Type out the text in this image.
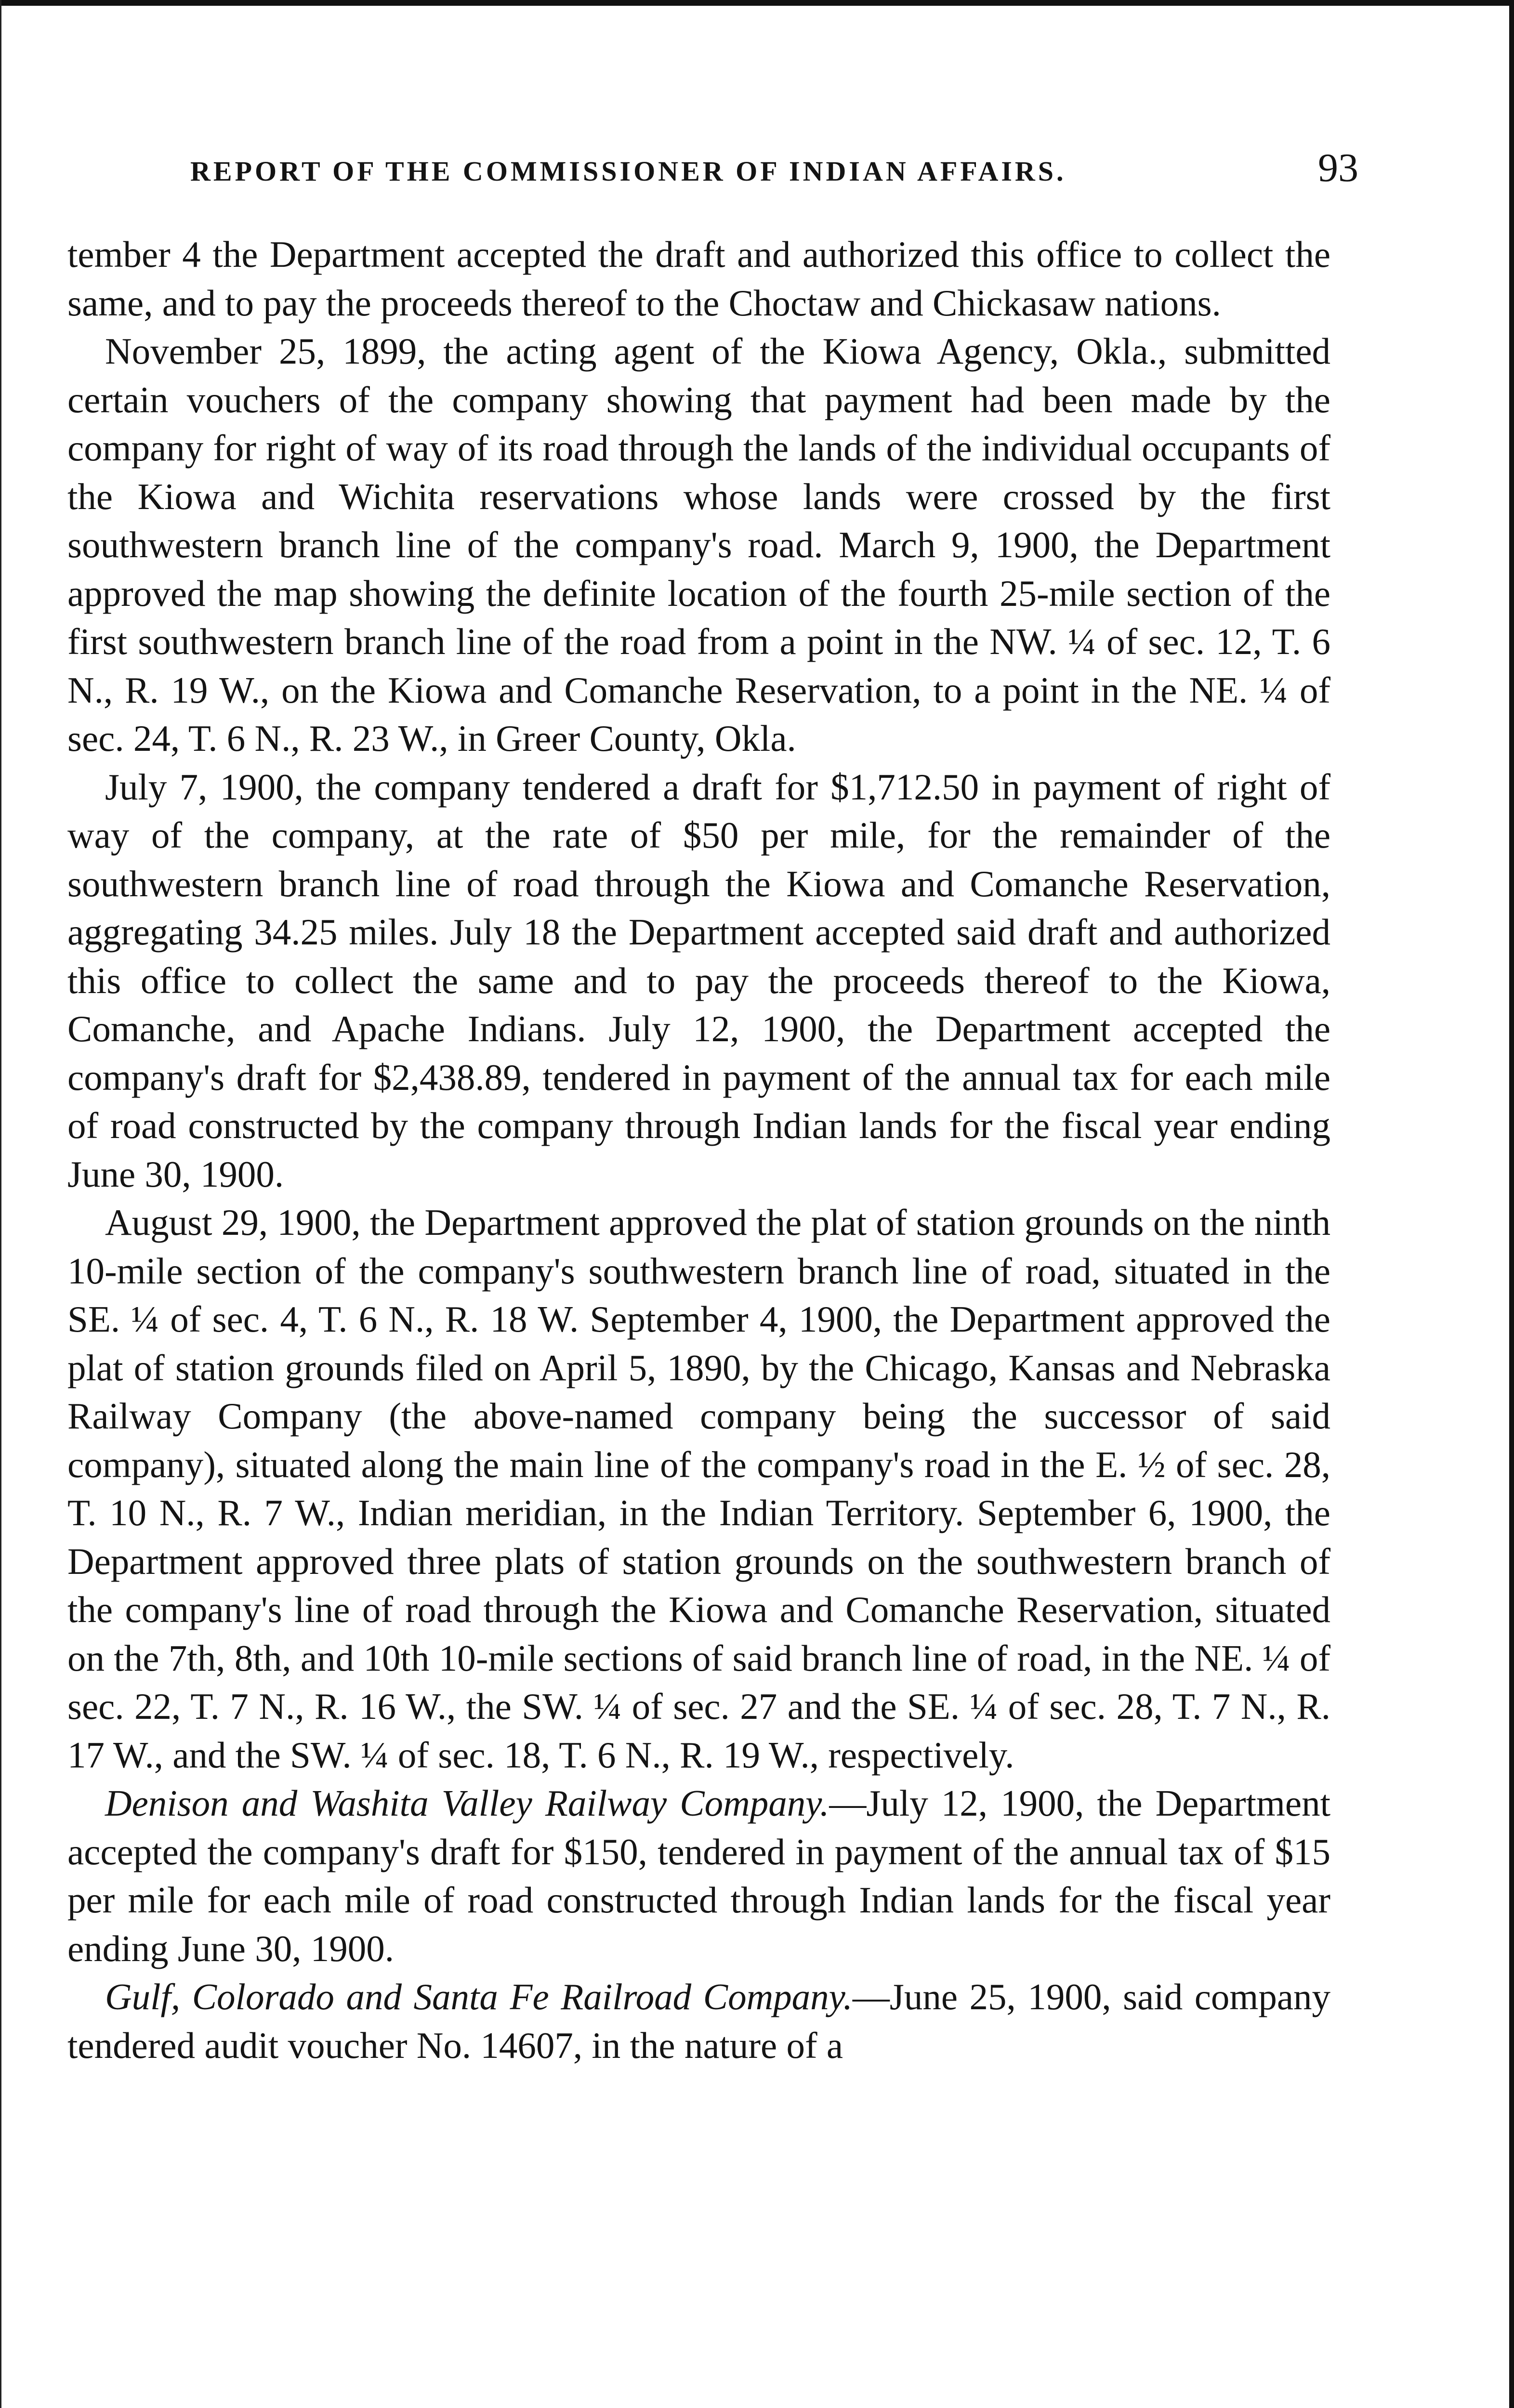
REPORT OF THE COMMISSIONER OF INDIAN AFFAIRS.	93

tember 4 the Department accepted the draft and authorized this office to collect the same, and to pay the proceeds thereof to the Choctaw and Chickasaw nations.

November 25, 1899, the acting agent of the Kiowa Agency, Okla., submitted certain vouchers of the company showing that payment had been made by the company for right of way of its road through the lands of the individual occupants of the Kiowa and Wichita reservations whose lands were crossed by the first southwestern branch line of the company's road. March 9, 1900, the Department approved the map showing the definite location of the fourth 25-mile section of the first southwestern branch line of the road from a point in the NW. ¼ of sec. 12, T. 6 N., R. 19 W., on the Kiowa and Comanche Reservation, to a point in the NE. ¼ of sec. 24, T. 6 N., R. 23 W., in Greer County, Okla.

July 7, 1900, the company tendered a draft for $1,712.50 in payment of right of way of the company, at the rate of $50 per mile, for the remainder of the southwestern branch line of road through the Kiowa and Comanche Reservation, aggregating 34.25 miles. July 18 the Department accepted said draft and authorized this office to collect the same and to pay the proceeds thereof to the Kiowa, Comanche, and Apache Indians. July 12, 1900, the Department accepted the company's draft for $2,438.89, tendered in payment of the annual tax for each mile of road constructed by the company through Indian lands for the fiscal year ending June 30, 1900.

August 29, 1900, the Department approved the plat of station grounds on the ninth 10-mile section of the company's southwestern branch line of road, situated in the SE. ¼ of sec. 4, T. 6 N., R. 18 W. September 4, 1900, the Department approved the plat of station grounds filed on April 5, 1890, by the Chicago, Kansas and Nebraska Railway Company (the above-named company being the successor of said company), situated along the main line of the company's road in the E. ½ of sec. 28, T. 10 N., R. 7 W., Indian meridian, in the Indian Territory. September 6, 1900, the Department approved three plats of station grounds on the southwestern branch of the company's line of road through the Kiowa and Comanche Reservation, situated on the 7th, 8th, and 10th 10-mile sections of said branch line of road, in the NE. ¼ of sec. 22, T. 7 N., R. 16 W., the SW. ¼ of sec. 27 and the SE. ¼ of sec. 28, T. 7 N., R. 17 W., and the SW. ¼ of sec. 18, T. 6 N., R. 19 W., respectively.

Denison and Washita Valley Railway Company.—July 12, 1900, the Department accepted the company's draft for $150, tendered in payment of the annual tax of $15 per mile for each mile of road constructed through Indian lands for the fiscal year ending June 30, 1900.

Gulf, Colorado and Santa Fe Railroad Company.—June 25, 1900, said company tendered audit voucher No. 14607, in the nature of a
